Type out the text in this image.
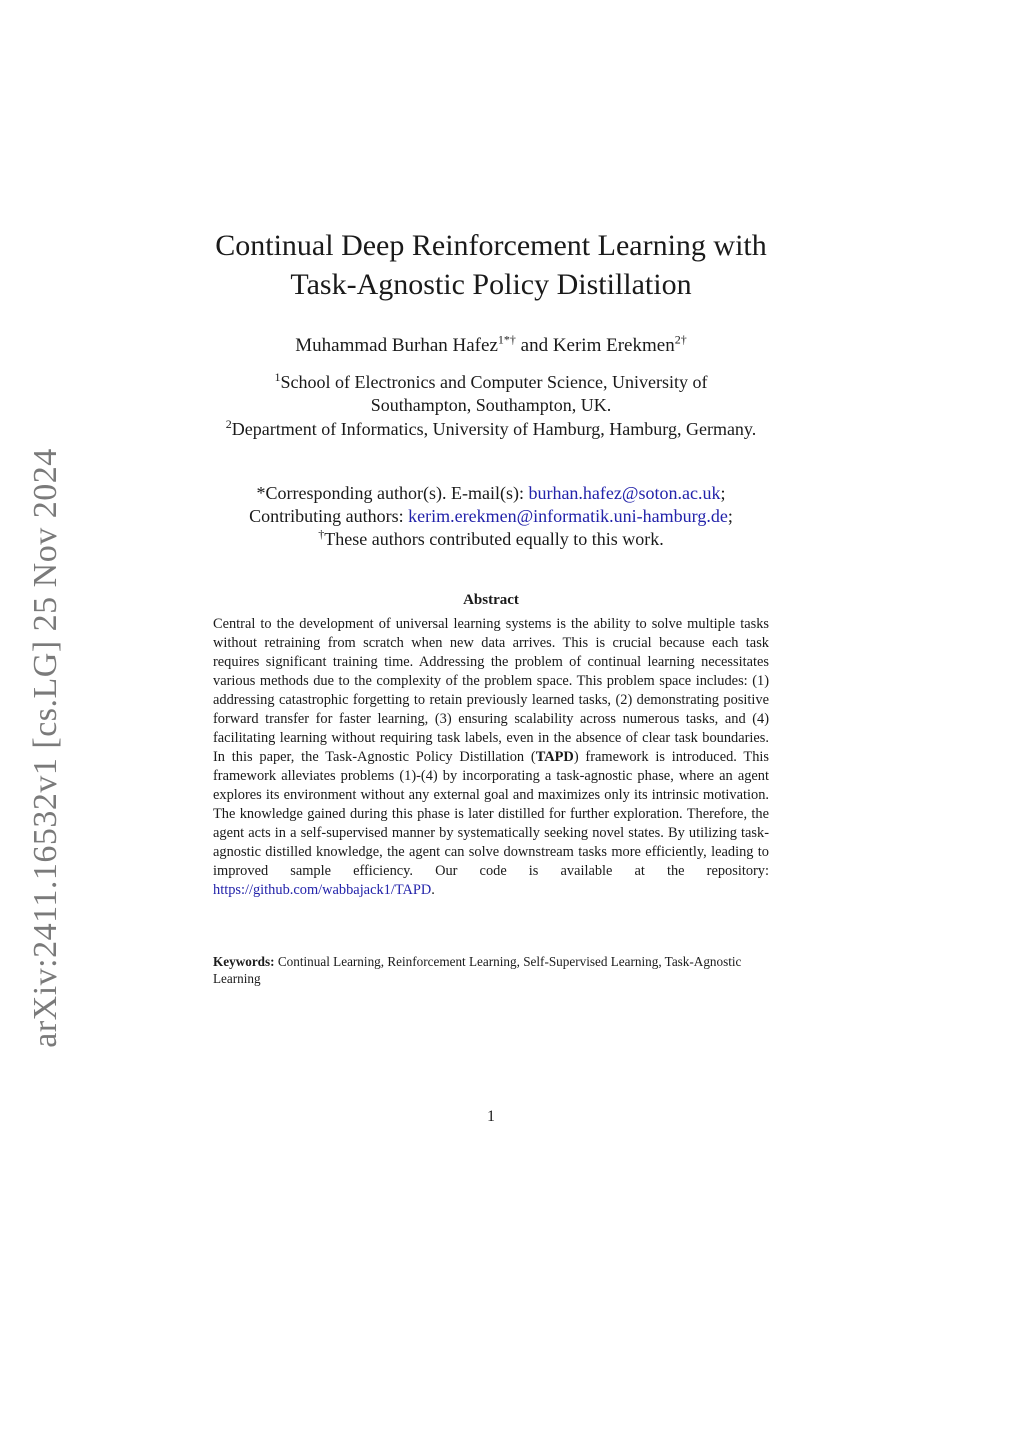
arXiv:2411.16532v1 [cs.LG] 25 Nov 2024
Continual Deep Reinforcement Learning with
Task-Agnostic Policy Distillation
Muhammad Burhan Hafez$^{1*\dagger}$ and Kerim Erekmen$^{2\dagger}$
$^1$School of Electronics and Computer Science, University of
Southampton, Southampton, UK.
$^2$Department of Informatics, University of Hamburg, Hamburg, Germany.
*Corresponding author(s). E-mail(s): burhan.hafez@soton.ac.uk;
Contributing authors: kerim.erekmen@informatik.uni-hamburg.de;
†These authors contributed equally to this work.
Abstract
Central to the development of universal learning systems is the ability to solve multiple tasks without retraining from scratch when new data arrives. This is crucial because each task requires significant training time. Addressing the problem of continual learning necessitates various methods due to the complexity of the problem space. This problem space includes: (1) addressing catastrophic forgetting to retain previously learned tasks, (2) demonstrating positive forward transfer for faster learning, (3) ensuring scalability across numerous tasks, and (4) facilitating learning without requiring task labels, even in the absence of clear task boundaries. In this paper, the Task-Agnostic Policy Distillation (TAPD) framework is introduced. This framework alleviates problems (1)-(4) by incorporating a task-agnostic phase, where an agent explores its environment without any external goal and maximizes only its intrinsic motivation. The knowledge gained during this phase is later distilled for further exploration. Therefore, the agent acts in a self-supervised manner by systematically seeking novel states. By utilizing task-agnostic distilled knowledge, the agent can solve downstream tasks more efficiently, leading to improved sample efficiency. Our code is available at the repository: https://github.com/wabbajack1/TAPD.
Keywords: Continual Learning, Reinforcement Learning, Self-Supervised Learning, Task-Agnostic Learning
1
